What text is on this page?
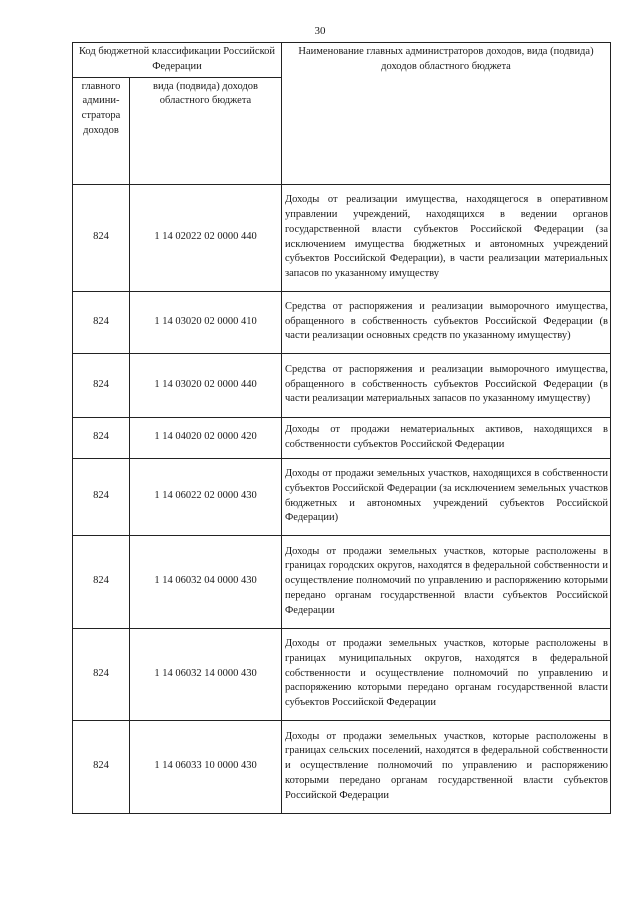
30
Код бюджетной классификации Российской Федерации		Наименование главных администраторов доходов, вида (подвида) доходов областного бюджета
главного админи-стратора доходов	вида (подвида) доходов областного бюджета	
824	1 14 02022 02 0000 440	Доходы от реализации имущества, находящегося в оперативном управлении учреждений, находящихся в ведении органов государственной власти субъектов Российской Федерации (за исключением имущества бюджетных и автономных учреждений субъектов Российской Федерации), в части реализации материальных запасов по указанному имуществу
824	1 14 03020 02 0000 410	Средства от распоряжения и реализации выморочного имущества, обращенного в собственность субъектов Российской Федерации (в части реализации основных средств по указанному имуществу)
824	1 14 03020 02 0000 440	Средства от распоряжения и реализации выморочного имущества, обращенного в собственность субъектов Российской Федерации (в части реализации материальных запасов по указанному имуществу)
824	1 14 04020 02 0000 420	Доходы от продажи нематериальных активов, находящихся в собственности субъектов Российской Федерации
824	1 14 06022 02 0000 430	Доходы от продажи земельных участков, находящихся в собственности субъектов Российской Федерации (за исключением земельных участков бюджетных и автономных учреждений субъектов Российской Федерации)
824	1 14 06032 04 0000 430	Доходы от продажи земельных участков, которые расположены в границах городских округов, находятся в федеральной собственности и осуществление полномочий по управлению и распоряжению которыми передано органам государственной власти субъектов Российской Федерации
824	1 14 06032 14 0000 430	Доходы от продажи земельных участков, которые расположены в границах муниципальных округов, находятся в федеральной собственности и осуществление полномочий по управлению и распоряжению которыми передано органам государственной власти субъектов Российской Федерации
824	1 14 06033 10 0000 430	Доходы от продажи земельных участков, которые расположены в границах сельских поселений, находятся в федеральной собственности и осуществление полномочий по управлению и распоряжению которыми передано органам государственной власти субъектов Российской Федерации
